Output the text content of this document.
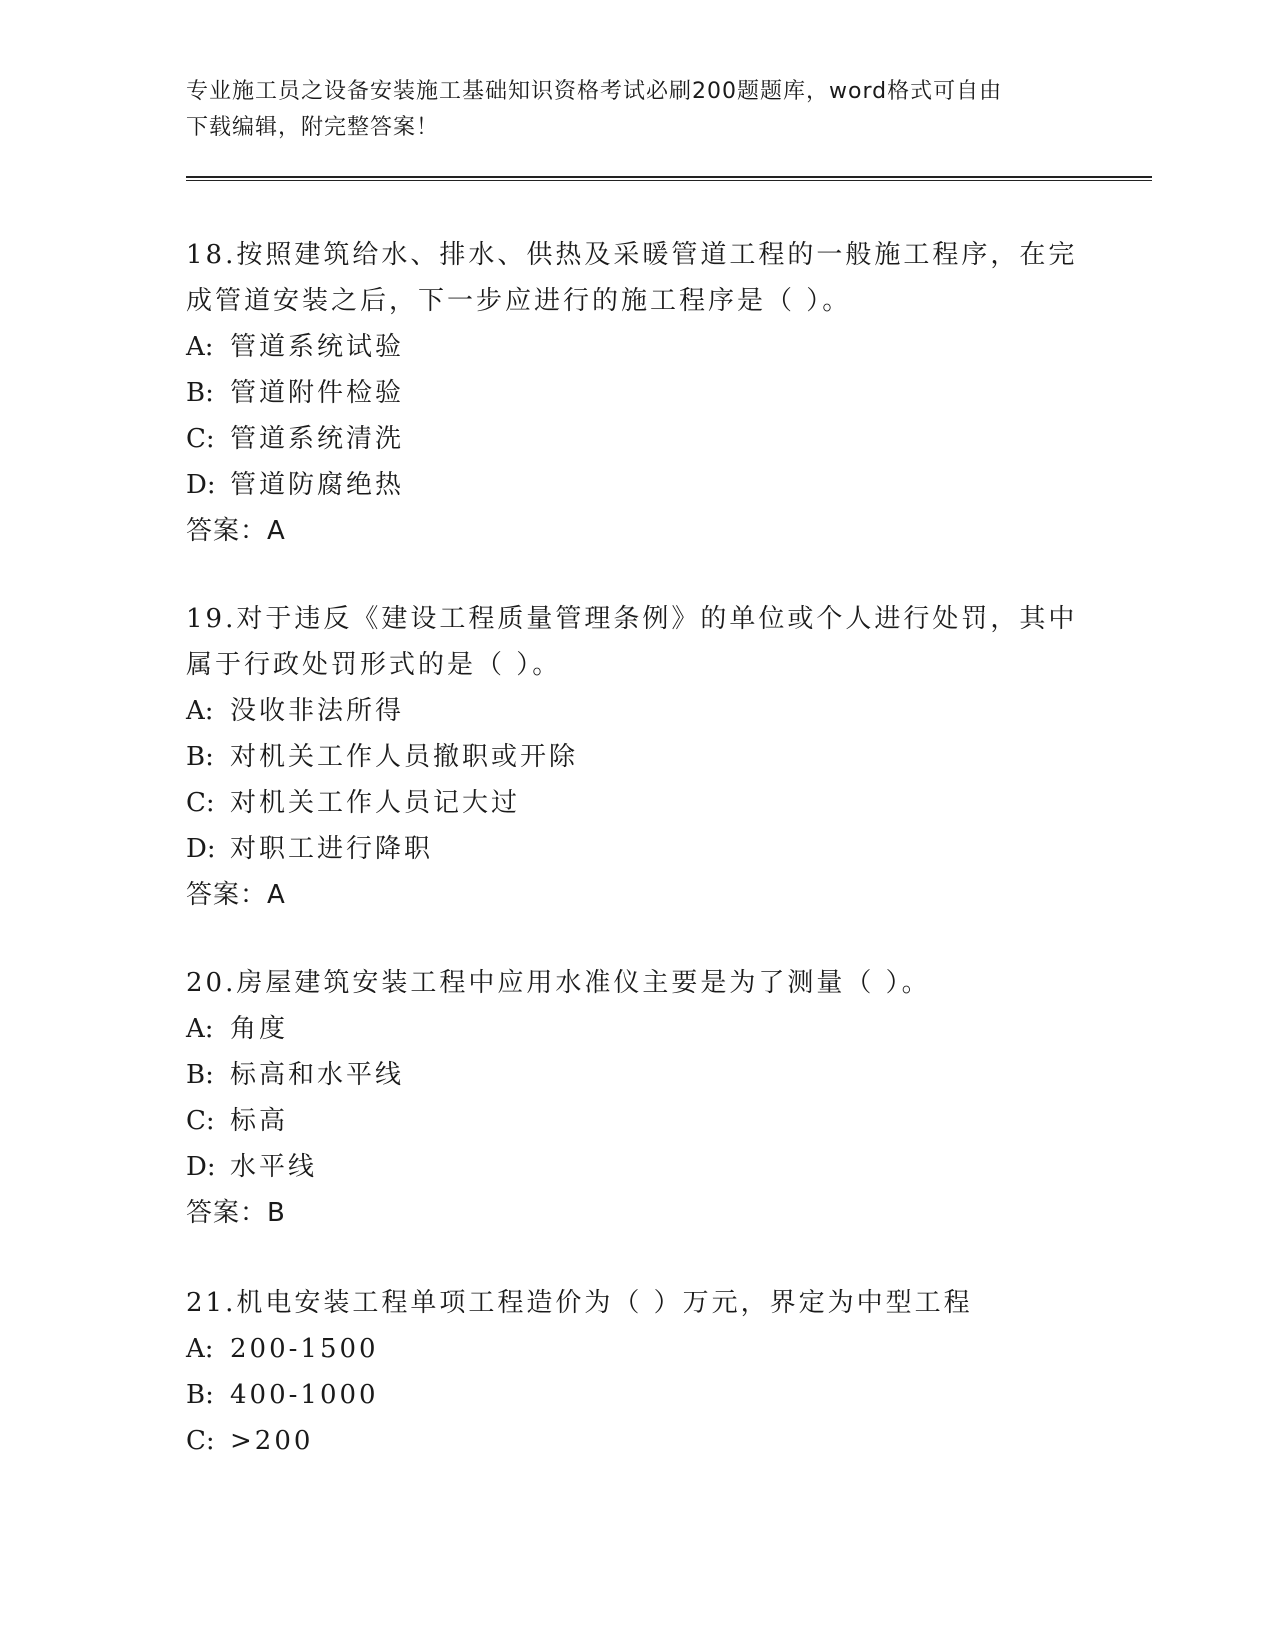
专业施工员之设备安装施工基础知识资格考试必刷200题题库，word格式可自由
下载编辑，附完整答案！
18.按照建筑给水、排水、供热及采暖管道工程的一般施工程序，在完成管道安装之后，下一步应进行的施工程序是（ ）。
A: 管道系统试验
B: 管道附件检验
C: 管道系统清洗
D: 管道防腐绝热
答案：A
19.对于违反《建设工程质量管理条例》的单位或个人进行处罚，其中属于行政处罚形式的是（ ）。
A: 没收非法所得
B: 对机关工作人员撤职或开除
C: 对机关工作人员记大过
D: 对职工进行降职
答案：A
20.房屋建筑安装工程中应用水准仪主要是为了测量（ ）。
A: 角度
B: 标高和水平线
C: 标高
D: 水平线
答案：B
21.机电安装工程单项工程造价为（ ）万元，界定为中型工程
A: 200-1500
B: 400-1000
C: >200
